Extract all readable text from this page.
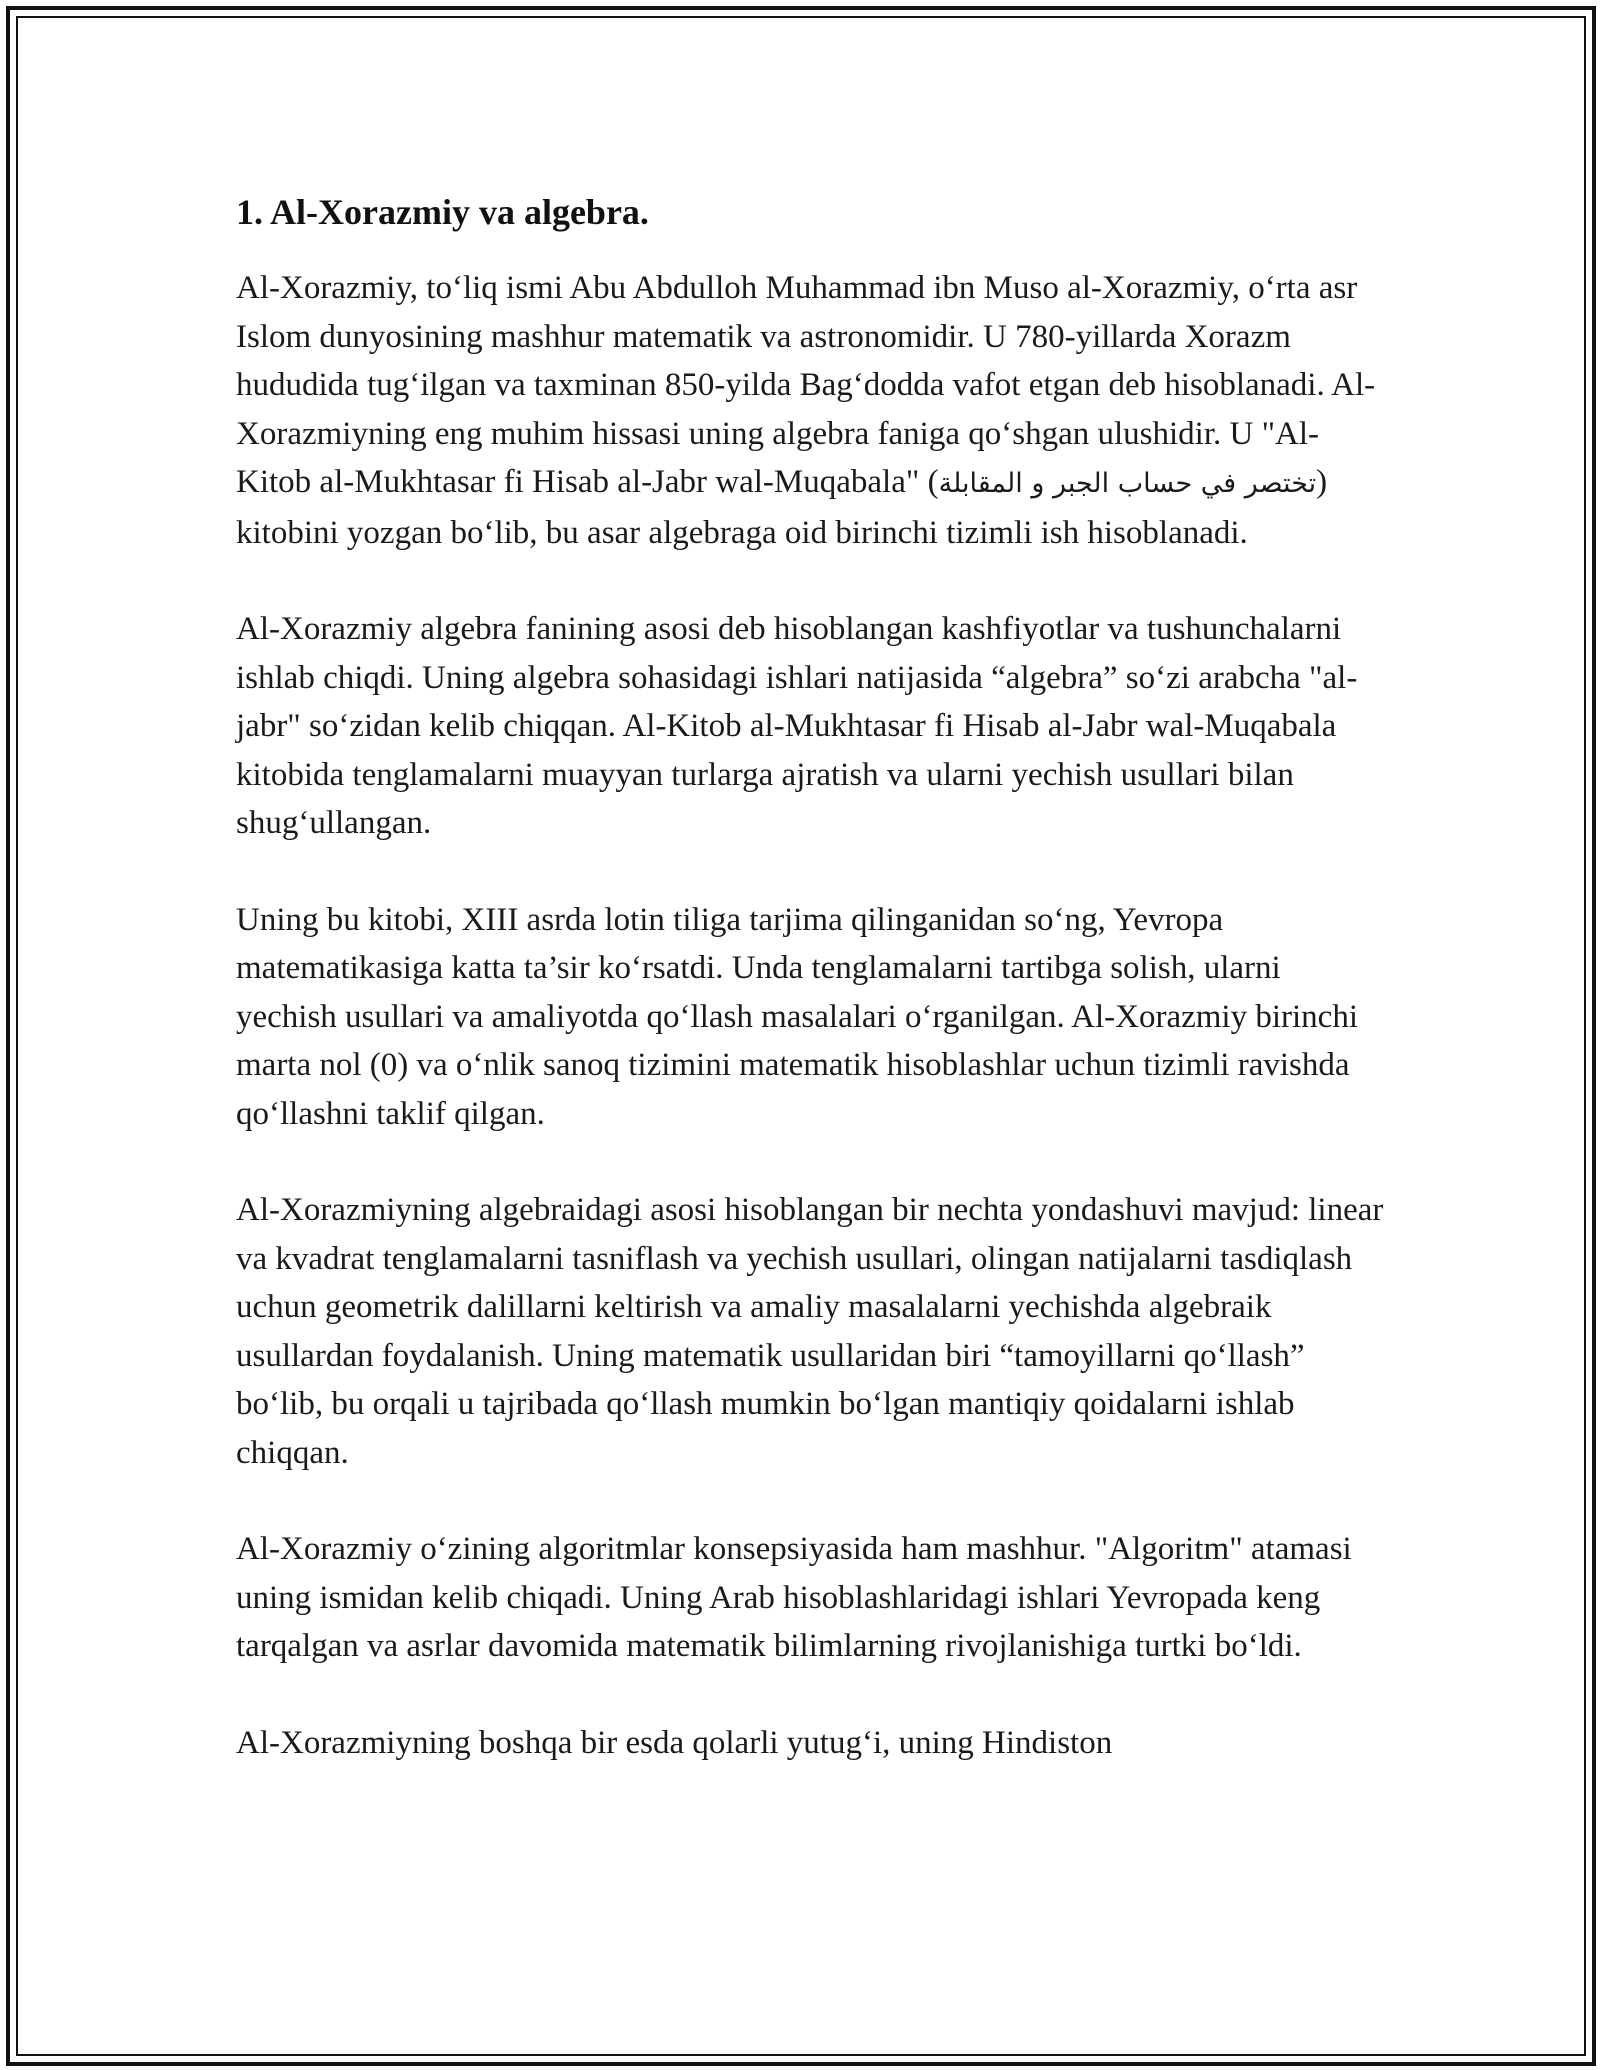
1. Al-Xorazmiy va algebra.

Al-Xorazmiy, to‘liq ismi Abu Abdulloh Muhammad ibn Muso al-Xorazmiy, o‘rta asr Islom dunyosining mashhur matematik va astronomidir. U 780-yillarda Xorazm hududida tug‘ilgan va taxminan 850-yilda Bag‘dodda vafot etgan deb hisoblanadi. Al-Xorazmiyning eng muhim hissasi uning algebra faniga qo‘shgan ulushidir. U "Al-Kitob al-Mukhtasar fi Hisab al-Jabr wal-Muqabala" (تختصر في حساب الجبر و المقابلة) kitobini yozgan bo‘lib, bu asar algebraga oid birinchi tizimli ish hisoblanadi.

Al-Xorazmiy algebra fanining asosi deb hisoblangan kashfiyotlar va tushunchalarni ishlab chiqdi. Uning algebra sohasidagi ishlari natijasida “algebra” so‘zi arabcha "al-jabr" so‘zidan kelib chiqqan. Al-Kitob al-Mukhtasar fi Hisab al-Jabr wal-Muqabala kitobida tenglamalarni muayyan turlarga ajratish va ularni yechish usullari bilan shug‘ullangan.

Uning bu kitobi, XIII asrda lotin tiliga tarjima qilinganidan so‘ng, Yevropa matematikasiga katta ta’sir ko‘rsatdi. Unda tenglamalarni tartibga solish, ularni yechish usullari va amaliyotda qo‘llash masalalari o‘rganilgan. Al-Xorazmiy birinchi marta nol (0) va o‘nlik sanoq tizimini matematik hisoblashlar uchun tizimli ravishda qo‘llashni taklif qilgan.

Al-Xorazmiyning algebraidagi asosi hisoblangan bir nechta yondashuvi mavjud: linear va kvadrat tenglamalarni tasniflash va yechish usullari, olingan natijalarni tasdiqlash uchun geometrik dalillarni keltirish va amaliy masalalarni yechishda algebraik usullardan foydalanish. Uning matematik usullaridan biri “tamoyillarni qo‘llash” bo‘lib, bu orqali u tajribada qo‘llash mumkin bo‘lgan mantiqiy qoidalarni ishlab chiqqan.

Al-Xorazmiy o‘zining algoritmlar konsepsiyasida ham mashhur. "Algoritm" atamasi uning ismidan kelib chiqadi. Uning Arab hisoblashlaridagi ishlari Yevropada keng tarqalgan va asrlar davomida matematik bilimlarning rivojlanishiga turtki bo‘ldi.

Al-Xorazmiyning boshqa bir esda qolarli yutug‘i, uning Hindiston
